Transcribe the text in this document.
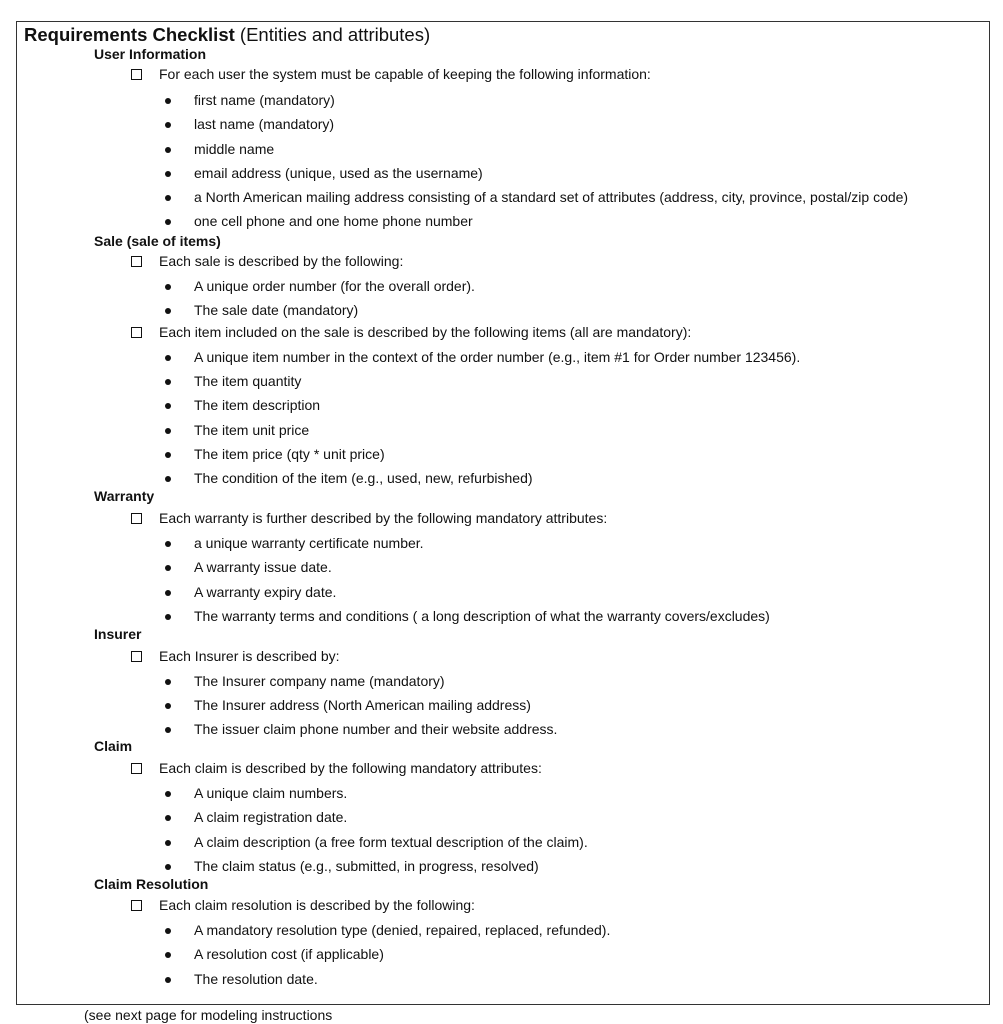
Requirements Checklist (Entities and attributes)
User Information
For each user the system must be capable of keeping the following information:
first name (mandatory)
last name (mandatory)
middle name
email address (unique, used as the username)
a North American mailing address consisting of a standard set of attributes (address, city, province, postal/zip code)
one cell phone and one home phone number
Sale (sale of items)
Each sale is described by the following:
A unique order number (for the overall order).
The sale date (mandatory)
Each item included on the sale is described by the following items (all are mandatory):
A unique item number in the context of the order number (e.g., item #1 for Order number 123456).
The item quantity
The item description
The item unit price
The item price (qty * unit price)
The condition of the item (e.g., used, new, refurbished)
Warranty
Each warranty is further described by the following mandatory attributes:
a unique warranty certificate number.
A warranty issue date.
A warranty expiry date.
The warranty terms and conditions ( a long description of what the warranty covers/excludes)
Insurer
Each Insurer is described by:
The Insurer company name (mandatory)
The Insurer address (North American mailing address)
The issuer claim phone number and their website address.
Claim
Each claim is described by the following mandatory attributes:
A unique claim numbers.
A claim registration date.
A claim description (a free form textual description of the claim).
The claim status (e.g., submitted, in progress, resolved)
Claim Resolution
Each claim resolution is described by the following:
A mandatory resolution type (denied, repaired, replaced, refunded).
A resolution cost (if applicable)
The resolution date.
(see next page for modeling instructions
